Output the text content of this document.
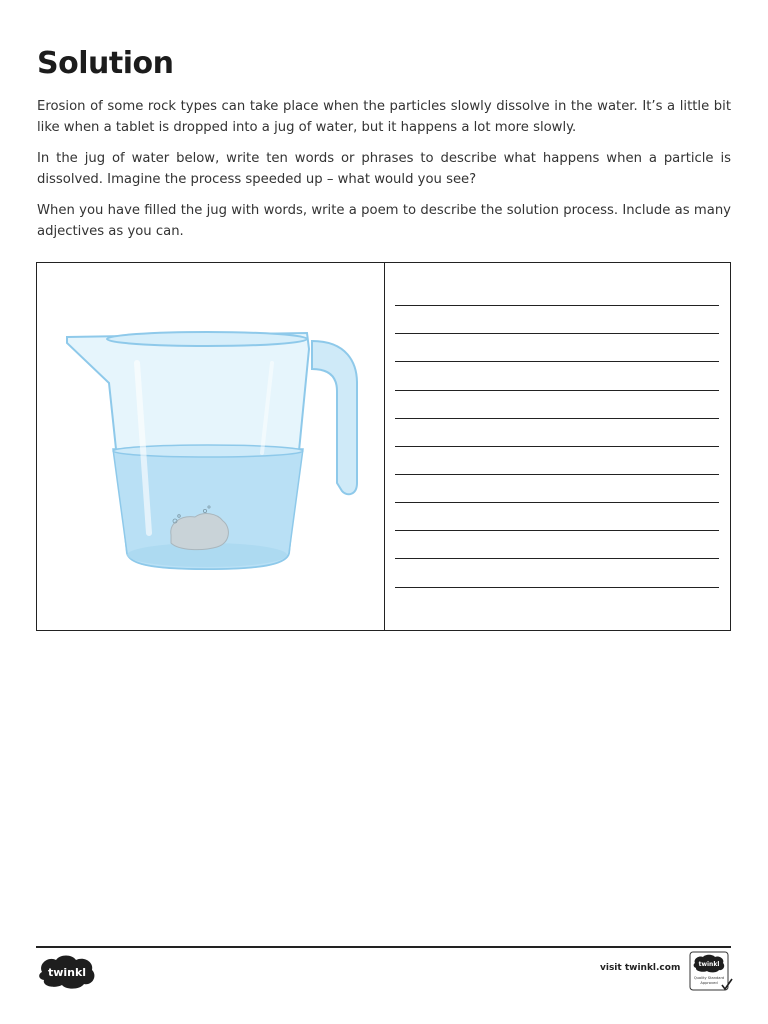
Solution

Erosion of some rock types can take place when the particles slowly dissolve in the water. It’s a little bit like when a tablet is dropped into a jug of water, but it happens a lot more slowly.

In the jug of water below, write ten words or phrases to describe what happens when a particle is dissolved. Imagine the process speeded up – what would you see?

When you have filled the jug with words, write a poem to describe the solution process. Include as many adjectives as you can.

twinkl	visit twinkl.com	twinkl
Quality Standard
Approved
